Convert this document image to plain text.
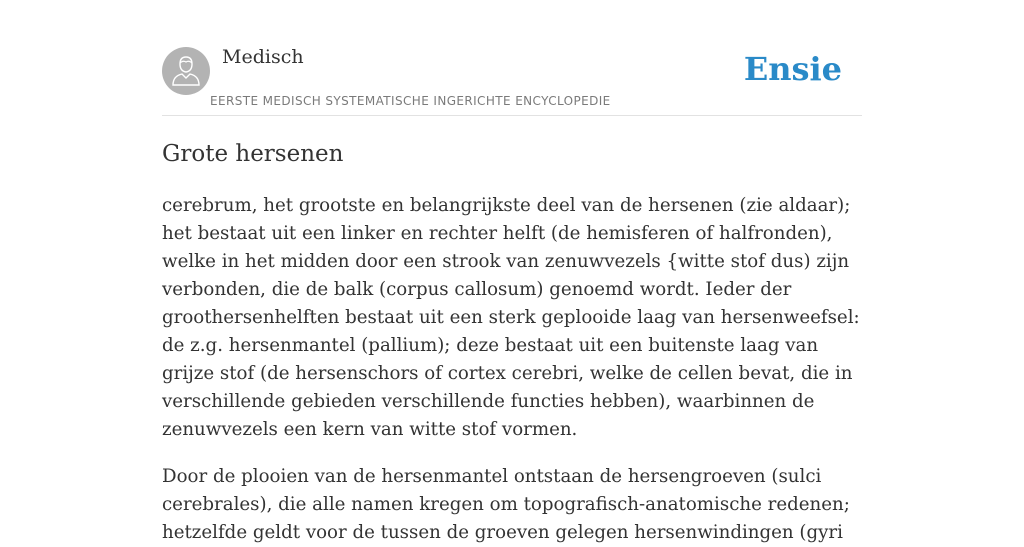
Medisch
EERSTE MEDISCH SYSTEMATISCHE INGERICHTE ENCYCLOPEDIE
Ensie
Grote hersenen

cerebrum, het grootste en belangrijkste deel van de hersenen (zie aldaar); het bestaat uit een linker en rechter helft (de hemisferen of halfronden), welke in het midden door een strook van zenuwvezels {witte stof dus) zijn verbonden, die de balk (corpus callosum) genoemd wordt. Ieder der groothersenhelften bestaat uit een sterk geplooide laag van hersenweefsel: de z.g. hersenmantel (pallium); deze bestaat uit een buitenste laag van grijze stof (de hersenschors of cortex cerebri, welke de cellen bevat, die in verschillende gebieden verschillende functies hebben), waarbinnen de zenuwvezels een kern van witte stof vormen.

Door de plooien van de hersenmantel ontstaan de hersengroeven (sulci cerebrales), die alle namen kregen om topografisch-anatomische redenen; hetzelfde geldt voor de tussen de groeven gelegen hersenwindingen (gyri
